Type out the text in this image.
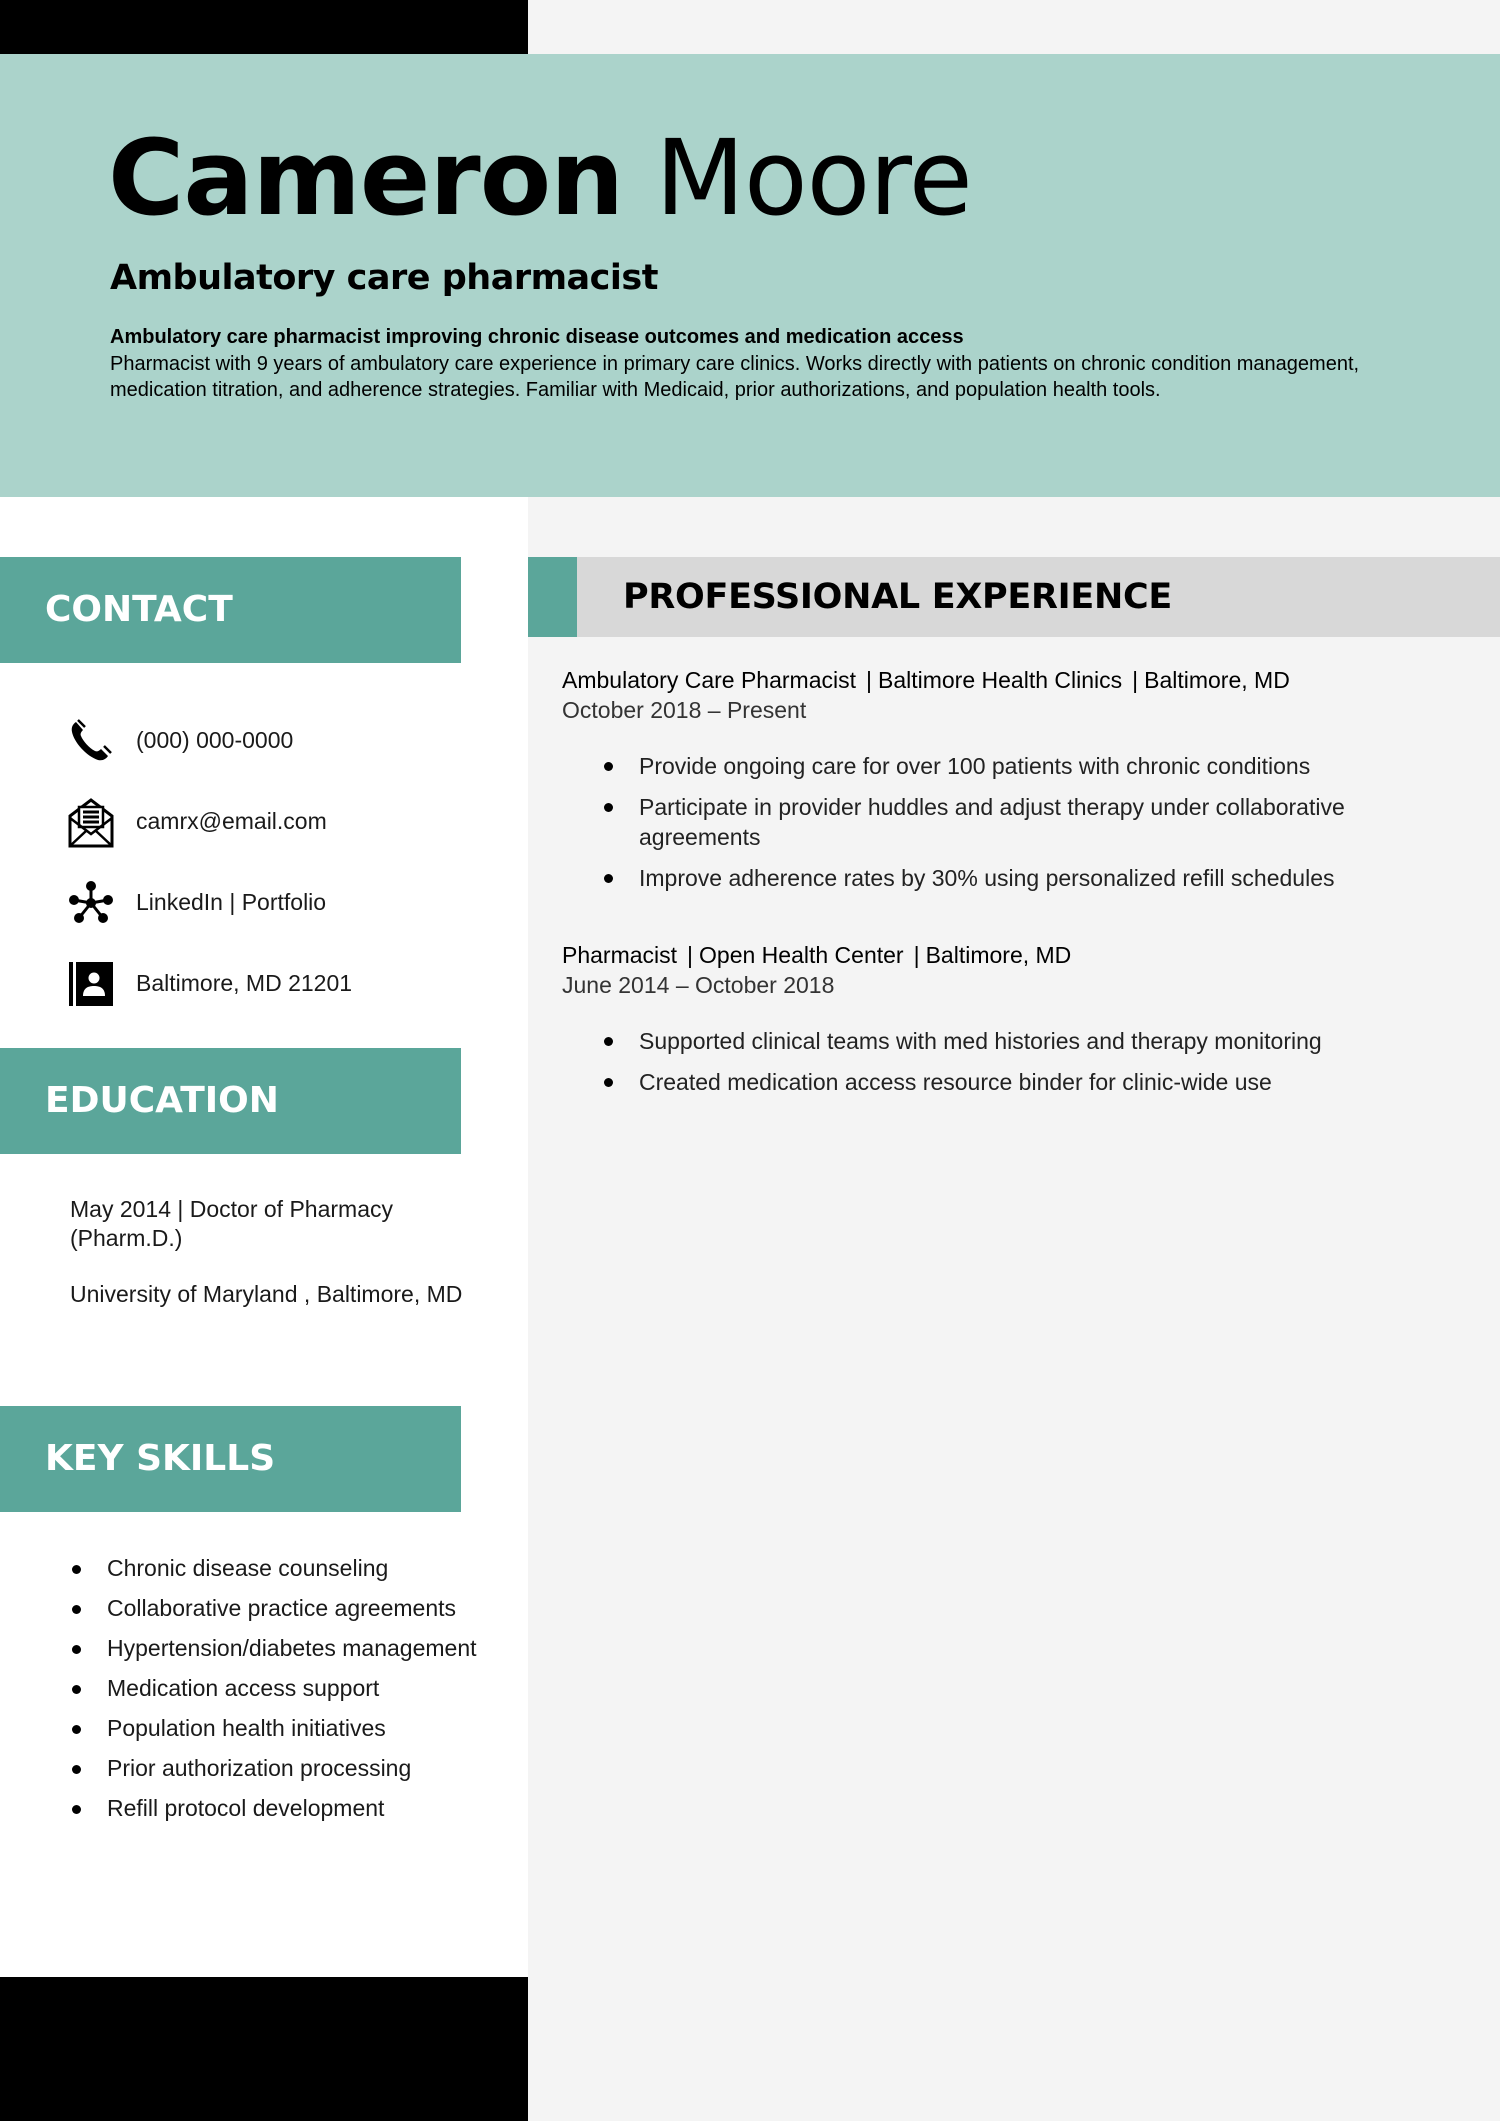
Cameron Moore
Ambulatory care pharmacist
Ambulatory care pharmacist improving chronic disease outcomes and medication access
Pharmacist with 9 years of ambulatory care experience in primary care clinics. Works directly with patients on chronic condition management, medication titration, and adherence strategies. Familiar with Medicaid, prior authorizations, and population health tools.
CONTACT
(000) 000-0000
camrx@email.com
LinkedIn | Portfolio
Baltimore, MD 21201
EDUCATION

May 2014 | Doctor of Pharmacy (Pharm.D.)

University of Maryland , Baltimore, MD

KEY SKILLS
Chronic disease counseling
Collaborative practice agreements
Hypertension/diabetes management
Medication access support
Population health initiatives
Prior authorization processing
Refill protocol development
PROFESSIONAL EXPERIENCE
Ambulatory Care Pharmacist | Baltimore Health Clinics | Baltimore, MD
October 2018 – Present
Provide ongoing care for over 100 patients with chronic conditions
Participate in provider huddles and adjust therapy under collaborative agreements
Improve adherence rates by 30% using personalized refill schedules
Pharmacist | Open Health Center | Baltimore, MD
June 2014 – October 2018
Supported clinical teams with med histories and therapy monitoring
Created medication access resource binder for clinic-wide use
